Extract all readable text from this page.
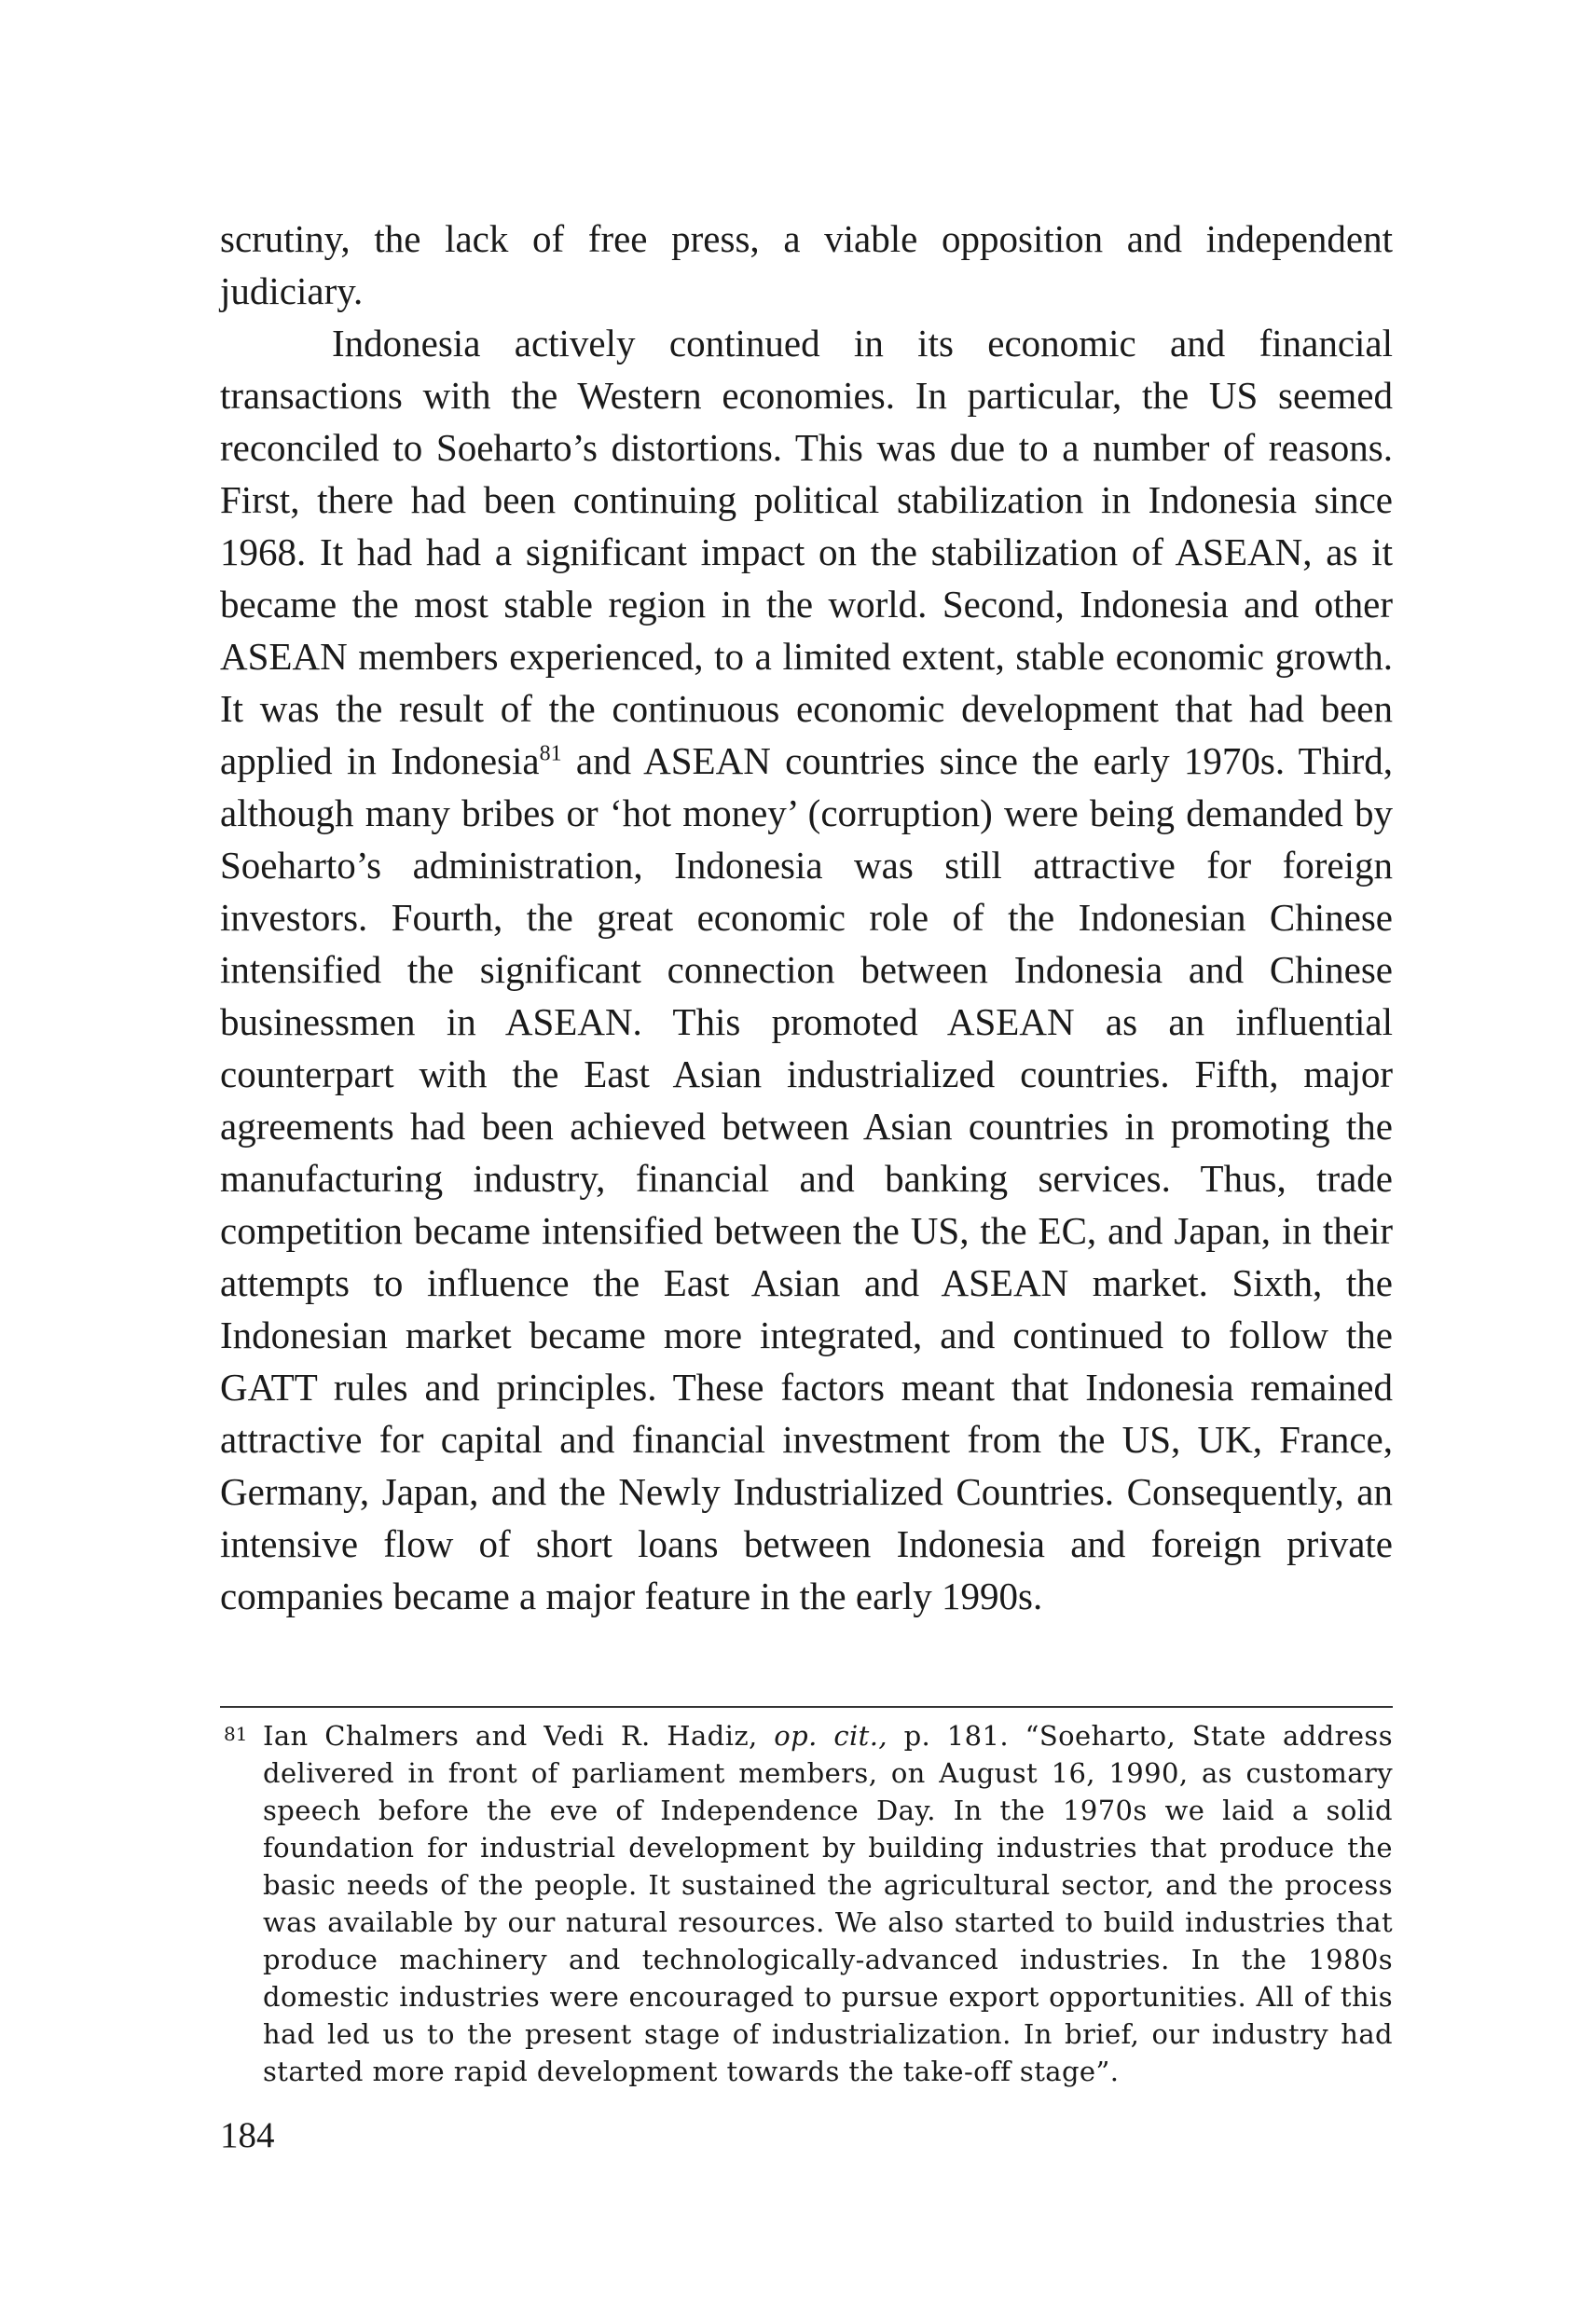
scrutiny, the lack of free press, a viable opposition and independent judiciary.

Indonesia actively continued in its economic and financial transactions with the Western economies. In particular, the US seemed reconciled to Soeharto’s distortions. This was due to a number of reasons. First, there had been continuing political stabilization in Indonesia since 1968. It had had a significant impact on the stabilization of ASEAN, as it became the most stable region in the world. Second, Indonesia and other ASEAN members experienced, to a limited extent, stable economic growth. It was the result of the continuous economic development that had been applied in Indonesia$^{81}$ and ASEAN countries since the early 1970s. Third, although many bribes or ‘hot money’ (corruption) were being demanded by Soeharto’s administration, Indonesia was still attractive for foreign investors. Fourth, the great economic role of the Indonesian Chinese intensified the significant connection between Indonesia and Chinese businessmen in ASEAN. This promoted ASEAN as an influential counterpart with the East Asian industrialized countries. Fifth, major agreements had been achieved between Asian countries in promoting the manufacturing industry, financial and banking services. Thus, trade competition became intensified between the US, the EC, and Japan, in their attempts to influence the East Asian and ASEAN market. Sixth, the Indonesian market became more integrated, and continued to follow the GATT rules and principles. These factors meant that Indonesia remained attractive for capital and financial investment from the US, UK, France, Germany, Japan, and the Newly Industrialized Countries. Consequently, an intensive flow of short loans between Indonesia and foreign private companies became a major feature in the early 1990s.

81 Ian Chalmers and Vedi R. Hadiz, op. cit., p. 181. “Soeharto, State address delivered in front of parliament members, on August 16, 1990, as customary speech before the eve of Independence Day. In the 1970s we laid a solid foundation for industrial development by building industries that produce the basic needs of the people. It sustained the agricultural sector, and the process was available by our natural resources. We also started to build industries that produce machinery and technologically-advanced industries. In the 1980s domestic industries were encouraged to pursue export opportunities. All of this had led us to the present stage of industrialization. In brief, our industry had started more rapid development towards the take-off stage”.
184
